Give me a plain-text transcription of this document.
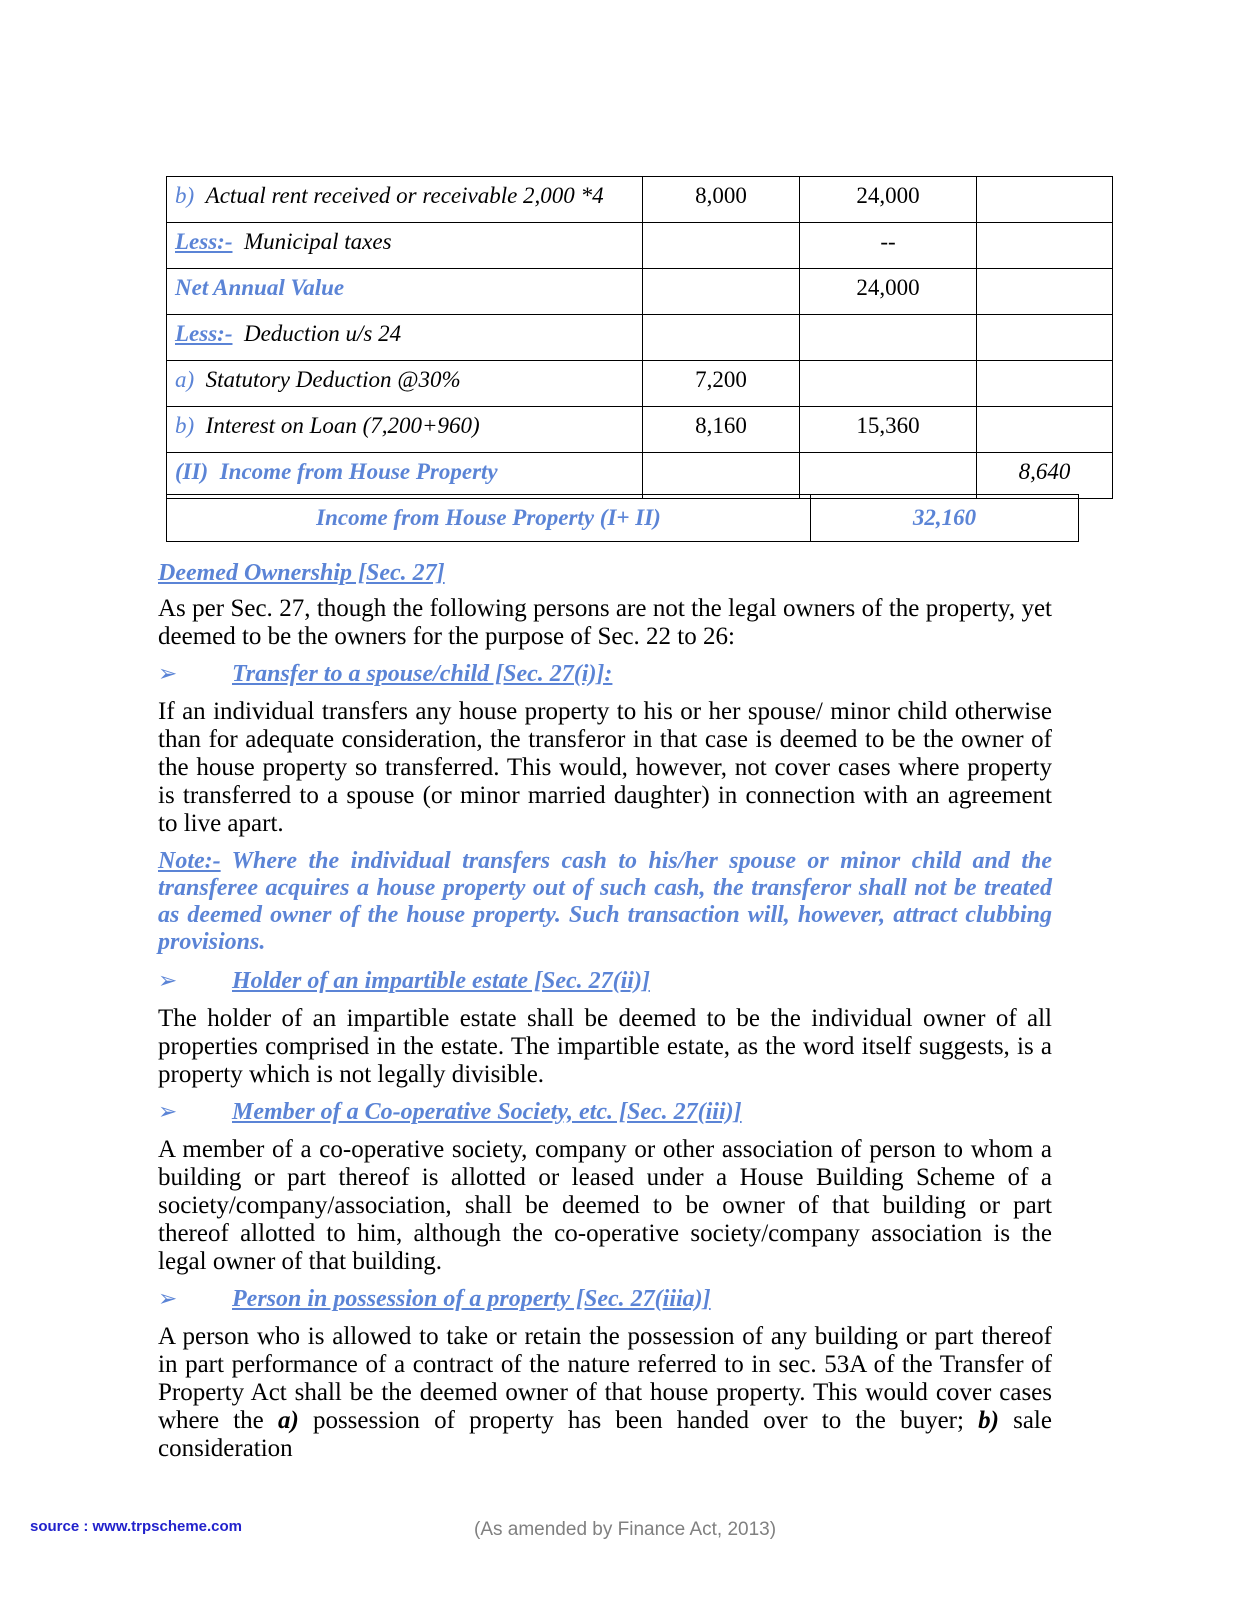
b) Actual rent received or receivable 2,000 *4	8,000	24,000	
Less:- Municipal taxes		--	
Net Annual Value		24,000	
Less:- Deduction u/s 24			
a) Statutory Deduction @30%	7,200		
b) Interest on Loan (7,200+960)	8,160	15,360	
(II) Income from House Property			8,640
Income from House Property (I+ II)	32,160
Deemed Ownership [Sec. 27]

As per Sec. 27, though the following persons are not the legal owners of the property, yet deemed to be the owners for the purpose of Sec. 22 to 26:

➢	Transfer to a spouse/child [Sec. 27(i)]:

If an individual transfers any house property to his or her spouse/ minor child otherwise than for adequate consideration, the transferor in that case is deemed to be the owner of the house property so transferred. This would, however, not cover cases where property is transferred to a spouse (or minor married daughter) in connection with an agreement to live apart.

Note:- Where the individual transfers cash to his/her spouse or minor child and the transferee acquires a house property out of such cash, the transferor shall not be treated as deemed owner of the house property. Such transaction will, however, attract clubbing provisions.

➢	Holder of an impartible estate [Sec. 27(ii)]

The holder of an impartible estate shall be deemed to be the individual owner of all properties comprised in the estate. The impartible estate, as the word itself suggests, is a property which is not legally divisible.

➢	Member of a Co-operative Society, etc. [Sec. 27(iii)]

A member of a co-operative society, company or other association of person to whom a building or part thereof is allotted or leased under a House Building Scheme of a society/company/association, shall be deemed to be owner of that building or part thereof allotted to him, although the co-operative society/company association is the legal owner of that building.

➢	Person in possession of a property [Sec. 27(iiia)]

A person who is allowed to take or retain the possession of any building or part thereof in part performance of a contract of the nature referred to in sec. 53A of the Transfer of Property Act shall be the deemed owner of that house property. This would cover cases where the a) possession of property has been handed over to the buyer; b) sale consideration

source : www.trpscheme.com	(As amended by Finance Act, 2013)
